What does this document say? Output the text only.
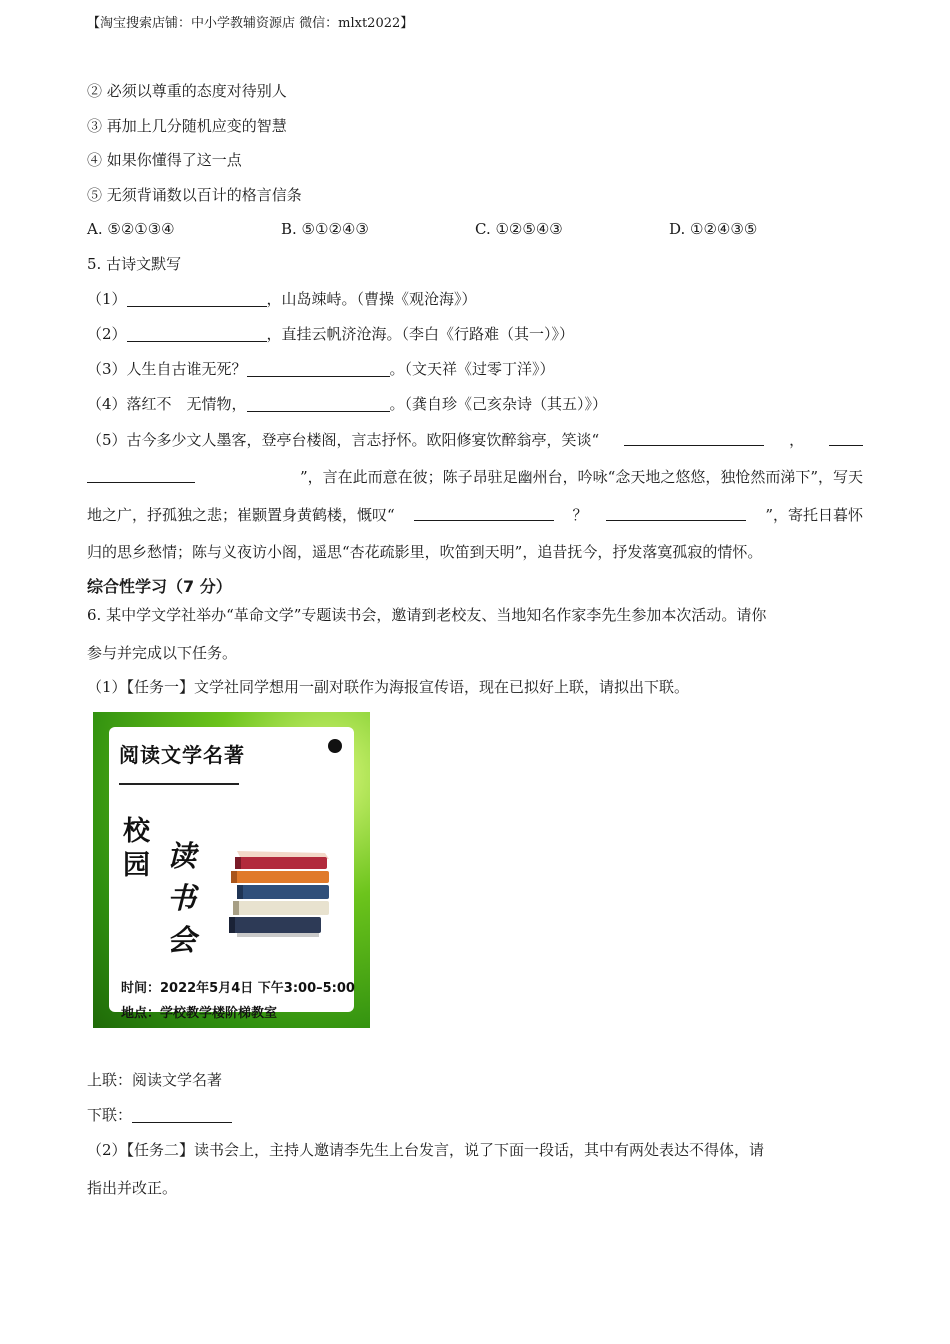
【淘宝搜索店铺：中小学教辅资源店 微信：mlxt2022】
② 必须以尊重的态度对待别人
③ 再加上几分随机应变的智慧
④ 如果你懂得了这一点
⑤ 无须背诵数以百计的格言信条
A. ⑤②①③④	B. ⑤①②④③	C. ①②⑤④③	D. ①②④③⑤
5. 古诗文默写
（1）	，山岛竦峙。（曹操《观沧海》）
（2）	，直挂云帆济沧海。（李白《行路难（其一）》）
（3）人生自古谁无死？	。（文天祥《过零丁洋》）
（4）落红不　无情物，	。（龚自珍《己亥杂诗（其五）》）
（5）古今多少文人墨客，登亭台楼阁，言志抒怀。欧阳修宴饮醉翁亭，笑谈“	，
”，言在此而意在彼；陈子昂驻足幽州台，吟咏“念天地之悠悠，独怆然而涕下”，写天
地之广，抒孤独之悲；崔颢置身黄鹤楼，慨叹“	？	”，寄托日暮怀
归的思乡愁情；陈与义夜访小阁，遥思“杏花疏影里，吹笛到天明”，追昔抚今，抒发落寞孤寂的情怀。
综合性学习（7 分）
6. 某中学文学社举办“革命文学”专题读书会，邀请到老校友、当地知名作家李先生参加本次活动。请你
参与并完成以下任务。
（1）【任务一】文学社同学想用一副对联作为海报宣传语，现在已拟好上联，请拟出下联。
阅读文学名著
校
园 读
书
会
时间：2022年5月4日 下午3:00–5:00
地点：学校教学楼阶梯教室
上联：阅读文学名著
下联：
（2）【任务二】读书会上，主持人邀请李先生上台发言，说了下面一段话，其中有两处表达不得体，请
指出并改正。
